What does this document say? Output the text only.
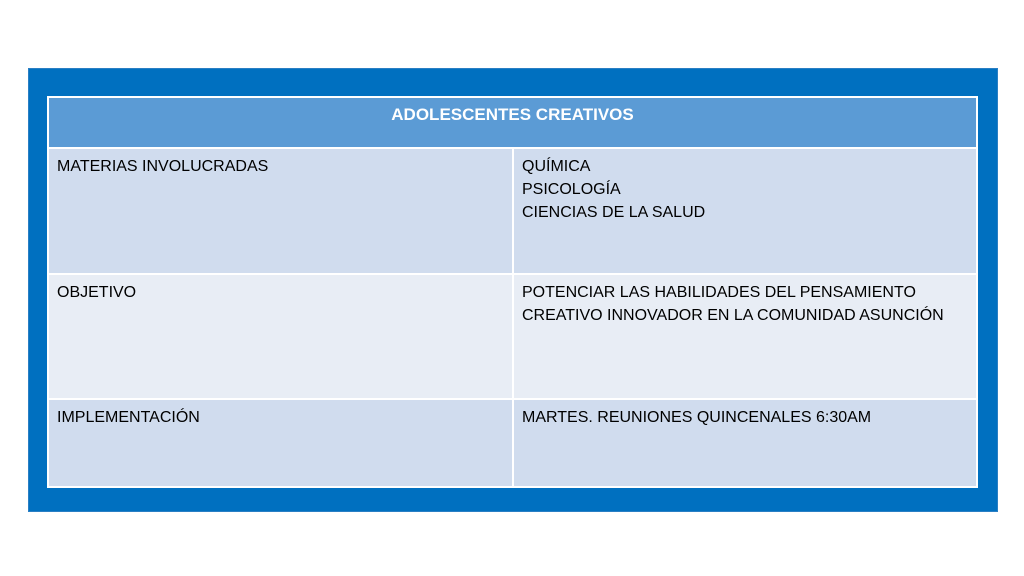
ADOLESCENTES CREATIVOS	
MATERIAS INVOLUCRADAS	QUÍMICA
PSICOLOGÍA
CIENCIAS DE LA SALUD

OBJETIVO	POTENCIAR LAS HABILIDADES DEL PENSAMIENTO
CREATIVO INNOVADOR EN LA COMUNIDAD ASUNCIÓN

IMPLEMENTACIÓN	MARTES. REUNIONES QUINCENALES 6:30AM
